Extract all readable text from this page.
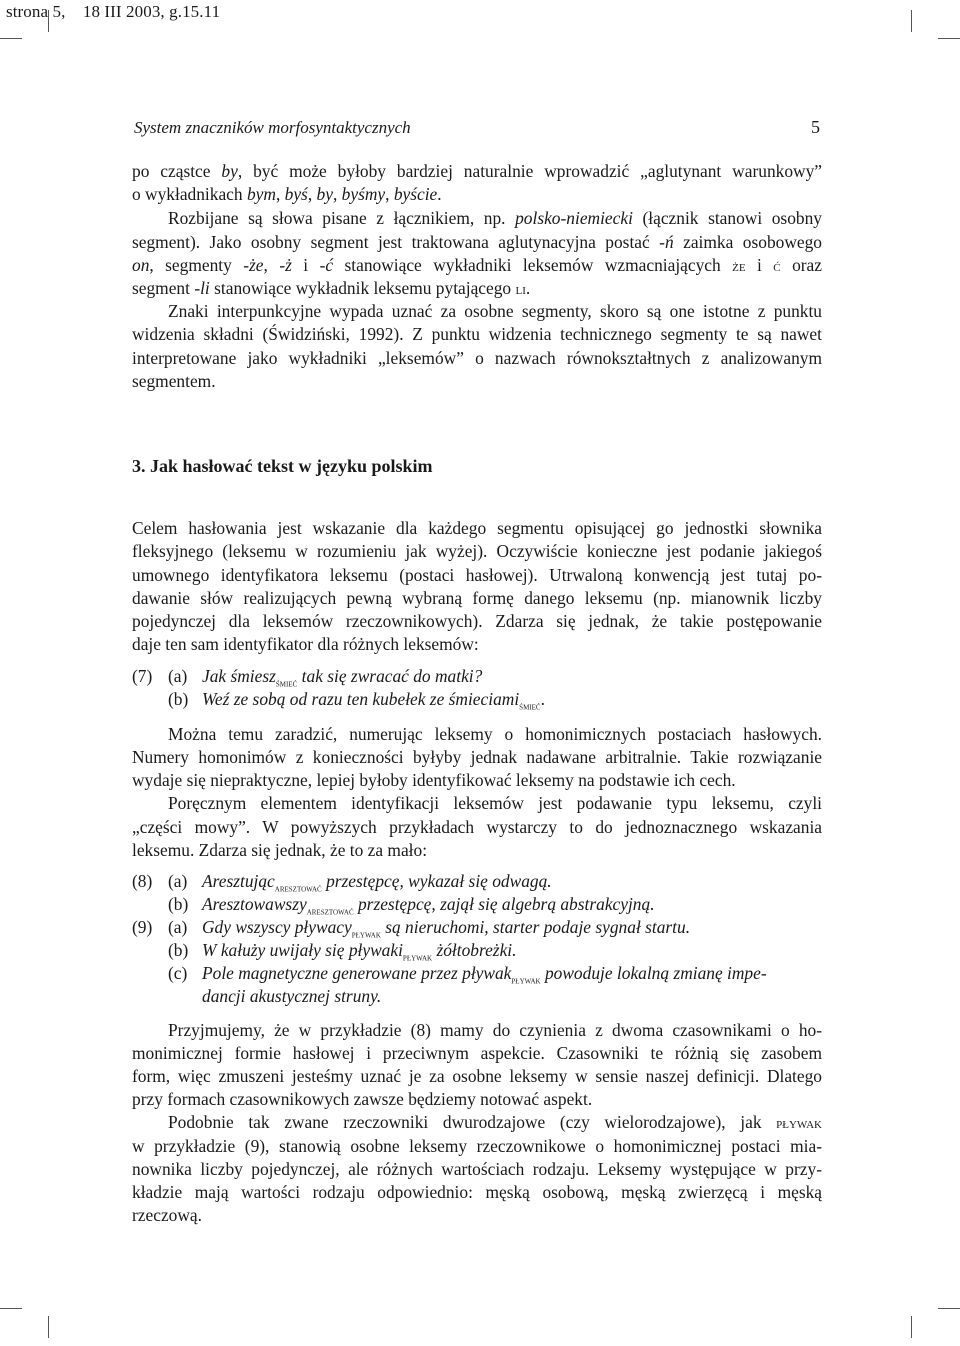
strona 5,    18 III 2003, g.15.11
System znaczników morfosyntaktycznych	5
po cząstce by, być może byłoby bardziej naturalnie wprowadzić „aglutynant warunkowy”
o wykładnikach bym, byś, by, byśmy, byście.
Rozbijane są słowa pisane z łącznikiem, np. polsko-niemiecki (łącznik stanowi osobny
segment). Jako osobny segment jest traktowana aglutynacyjna postać -ń zaimka osobowego
on, segmenty -że, -ż i -ć stanowiące wykładniki leksemów wzmacniających że i ć oraz
segment -li stanowiące wykładnik leksemu pytającego li.
Znaki interpunkcyjne wypada uznać za osobne segmenty, skoro są one istotne z punktu
widzenia składni (Świdziński, 1992). Z punktu widzenia technicznego segmenty te są nawet
interpretowane jako wykładniki „leksemów” o nazwach równokształtnych z analizowanym
segmentem.
3. Jak hasłować tekst w języku polskim
Celem hasłowania jest wskazanie dla każdego segmentu opisującej go jednostki słownika
fleksyjnego (leksemu w rozumieniu jak wyżej). Oczywiście konieczne jest podanie jakiegoś
umownego identyfikatora leksemu (postaci hasłowej). Utrwaloną konwencją jest tutaj po-
dawanie słów realizujących pewną wybraną formę danego leksemu (np. mianownik liczby
pojedynczej dla leksemów rzeczownikowych). Zdarza się jednak, że takie postępowanie
daje ten sam identyfikator dla różnych leksemów:
(7) (a) Jak śmiesz$_{śmieć}$ tak się zwracać do matki?
(b) Weź ze sobą od razu ten kubełek ze śmieciami$_{śmieć}$.
Można temu zaradzić, numerując leksemy o homonimicznych postaciach hasłowych.
Numery homonimów z konieczności byłyby jednak nadawane arbitralnie. Takie rozwiązanie
wydaje się niepraktyczne, lepiej byłoby identyfikować leksemy na podstawie ich cech.
Poręcznym elementem identyfikacji leksemów jest podawanie typu leksemu, czyli
„części mowy”. W powyższych przykładach wystarczy to do jednoznacznego wskazania
leksemu. Zdarza się jednak, że to za mało:
(8) (a) Aresztując$_{aresztować}$ przestępcę, wykazał się odwagą.
(b) Aresztowawszy$_{aresztować}$ przestępcę, zajął się algebrą abstrakcyjną.
(9) (a) Gdy wszyscy pływacy$_{pływak}$ są nieruchomi, starter podaje sygnał startu.
(b) W kałuży uwijały się pływaki$_{pływak}$ żółtobreżki.
(c) Pole magnetyczne generowane przez pływak$_{pływak}$ powoduje lokalną zmianę impe-
dancji akustycznej struny.
Przyjmujemy, że w przykładzie (8) mamy do czynienia z dwoma czasownikami o ho-
monimicznej formie hasłowej i przeciwnym aspekcie. Czasowniki te różnią się zasobem
form, więc zmuszeni jesteśmy uznać je za osobne leksemy w sensie naszej definicji. Dlatego
przy formach czasownikowych zawsze będziemy notować aspekt.
Podobnie tak zwane rzeczowniki dwurodzajowe (czy wielorodzajowe), jak pływak
w przykładzie (9), stanowią osobne leksemy rzeczownikowe o homonimicznej postaci mia-
nownika liczby pojedynczej, ale różnych wartościach rodzaju. Leksemy występujące w przy-
kładzie mają wartości rodzaju odpowiednio: męską osobową, męską zwierzęcą i męską
rzeczową.
